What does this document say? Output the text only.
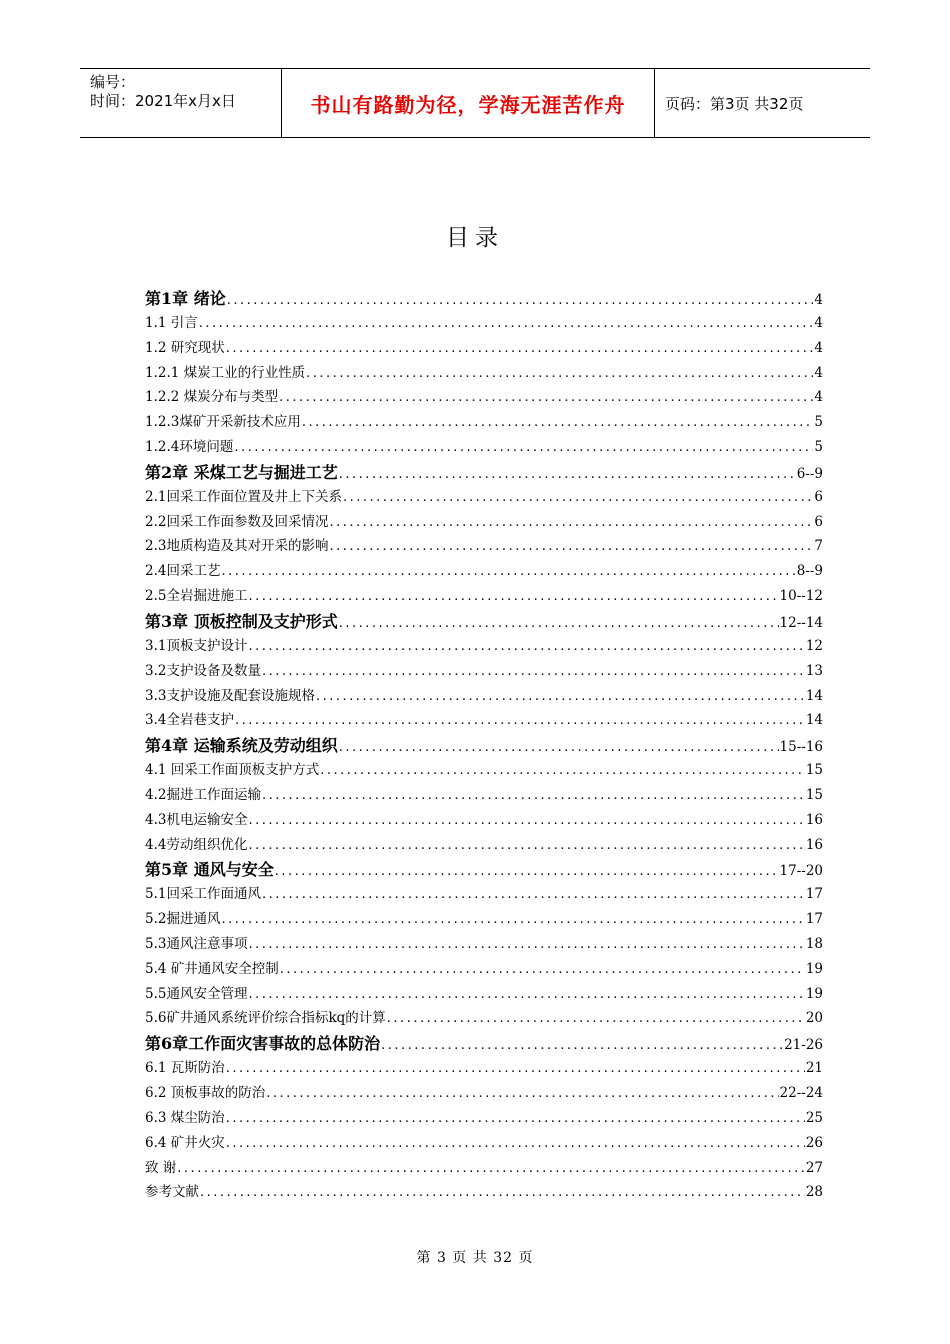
编号：
时间：2021年x月x日	书山有路勤为径，学海无涯苦作舟	页码：第3页 共32页
目录
第1章 绪论 .....	4
1.1 引言 .....	4
1.2 研究现状 .....	4
1.2.1 煤炭工业的行业性质 .....	4
1.2.2 煤炭分布与类型 .....	4
1.2.3煤矿开采新技术应用 .....	5
1.2.4环境问题 .....	5
第2章 采煤工艺与掘进工艺 .....	6--9
2.1回采工作面位置及井上下关系 .....	6
2.2回采工作面参数及回采情况 .....	6
2.3地质构造及其对开采的影响 .....	7
2.4回采工艺 .....	8--9
2.5全岩掘进施工 .....	10--12
第3章 顶板控制及支护形式 .....	12--14
3.1顶板支护设计 .....	12
3.2支护设备及数量 .....	13
3.3支护设施及配套设施规格 .....	14
3.4全岩巷支护 .....	14
第4章 运输系统及劳动组织 .....	15--16
4.1 回采工作面顶板支护方式 .....	15
4.2掘进工作面运输 .....	15
4.3机电运输安全 .....	16
4.4劳动组织优化 .....	16
第5章 通风与安全 .....	17--20
5.1回采工作面通风 .....	17
5.2掘进通风 .....	17
5.3通风注意事项 .....	18
5.4 矿井通风安全控制 .....	19
5.5通风安全管理 .....	19
5.6矿井通风系统评价综合指标kq的计算 .....	20
第6章工作面灾害事故的总体防治 .....	21-26
6.1 瓦斯防治 .....	21
6.2 顶板事故的防治 .....	22--24
6.3 煤尘防治 .....	25
6.4 矿井火灾 .....	26
致 谢 .....	27
参考文献 .....	28
第 3 页 共 32 页
